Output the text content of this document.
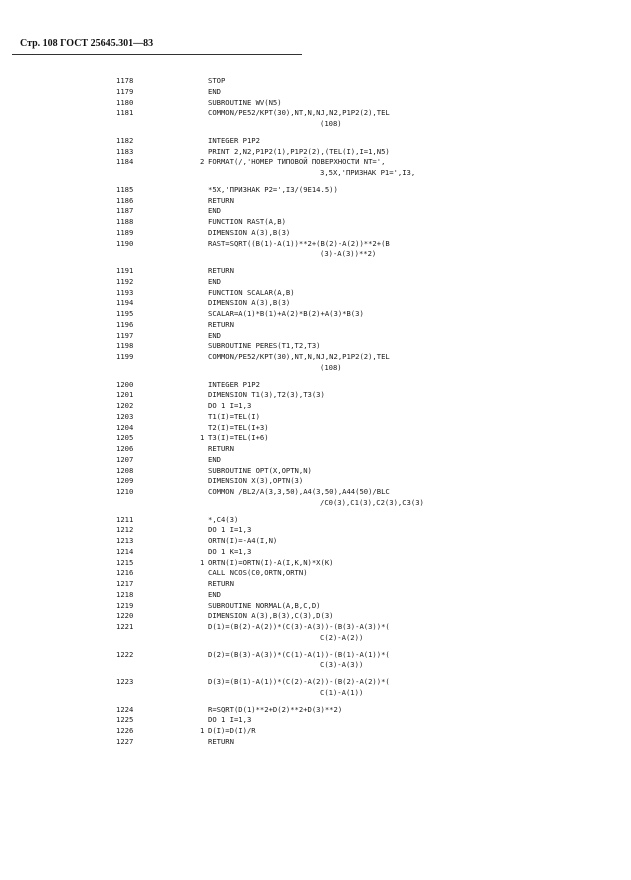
Стр. 108 ГОСТ 25645.301—83
1178	STOP
1179	END
1180	SUBROUTINE WV(N5)
1181	COMMON/PE52/KPT(30),NT,N,NJ,N2,P1P2(2),TEL
(108)
1182	INTEGER P1P2
1183	PRINT 2,N2,P1P2(1),P1P2(2),(TEL(I),I=1,N5)
1184	2 FORMAT(/,'НОМЕР ТИПОВОЙ ПОВЕРХНОСТИ NT=',
3,5X,'ПРИЗНАК P1=',I3,
1185	*5X,'ПРИЗНАК P2=',I3/(9E14.5))
1186	RETURN
1187	END
1188	FUNCTION RAST(A,B)
1189	DIMENSION A(3),B(3)
1190	RAST=SQRT((B(1)-A(1))**2+(B(2)-A(2))**2+(B
(3)-A(3))**2)
1191	RETURN
1192	END
1193	FUNCTION SCALAR(A,B)
1194	DIMENSION A(3),B(3)
1195	SCALAR=A(1)*B(1)+A(2)*B(2)+A(3)*B(3)
1196	RETURN
1197	END
1198	SUBROUTINE PERES(T1,T2,T3)
1199	COMMON/PE52/KPT(30),NT,N,NJ,N2,P1P2(2),TEL
(108)
1200	INTEGER P1P2
1201	DIMENSION T1(3),T2(3),T3(3)
1202	DO 1 I=1,3
1203	T1(I)=TEL(I)
1204	T2(I)=TEL(I+3)
1205	1 T3(I)=TEL(I+6)
1206	RETURN
1207	END
1208	SUBROUTINE OPT(X,OPTN,N)
1209	DIMENSION X(3),OPTN(3)
1210	COMMON /BL2/A(3,3,50),A4(3,50),A44(50)/BLC
/C0(3),C1(3),C2(3),C3(3)
1211	*,C4(3)
1212	DO 1 I=1,3
1213	ORTN(I)=-A4(I,N)
1214	DO 1 K=1,3
1215	1 ORTN(I)=ORTN(I)-A(I,K,N)*X(K)
1216	CALL NCOS(C0,ORTN,ORTN)
1217	RETURN
1218	END
1219	SUBROUTINE NORMAL(A,B,C,D)
1220	DIMENSION A(3),B(3),C(3),D(3)
1221	D(1)=(B(2)-A(2))*(C(3)-A(3))-(B(3)-A(3))*(
C(2)-A(2))
1222	D(2)=(B(3)-A(3))*(C(1)-A(1))-(B(1)-A(1))*(
C(3)-A(3))
1223	D(3)=(B(1)-A(1))*(C(2)-A(2))-(B(2)-A(2))*(
C(1)-A(1))
1224	R=SQRT(D(1)**2+D(2)**2+D(3)**2)
1225	DO 1 I=1,3
1226	1 D(I)=D(I)/R
1227	RETURN
